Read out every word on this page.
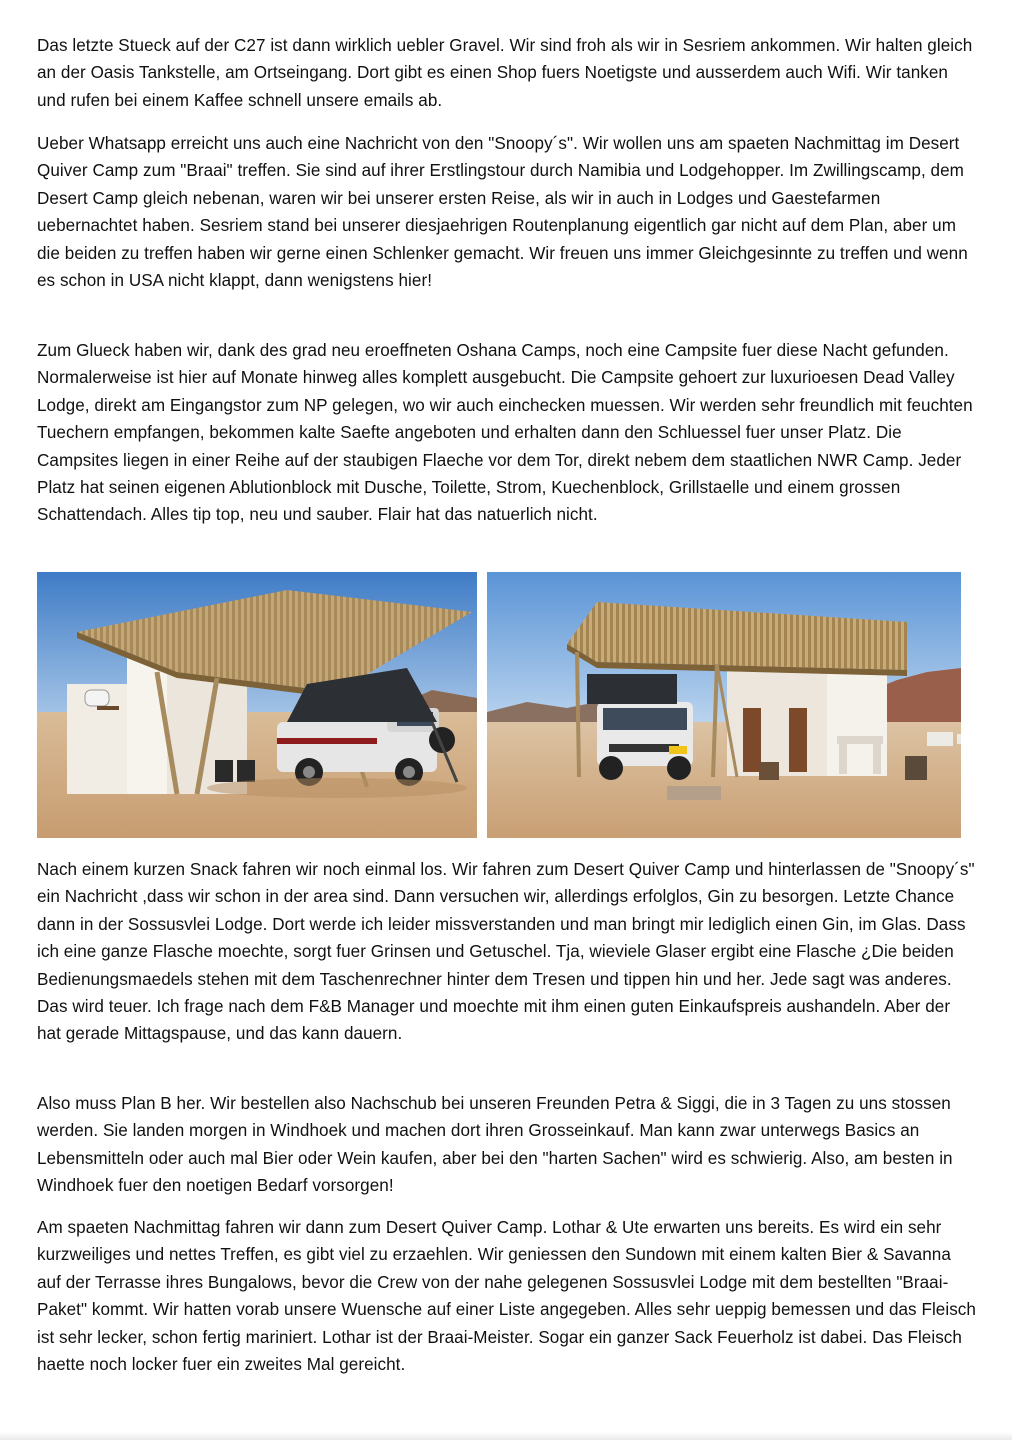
Das letzte Stueck auf der C27 ist dann wirklich uebler Gravel. Wir sind froh als wir in Sesriem ankommen. Wir halten gleich an der Oasis Tankstelle, am Ortseingang. Dort gibt es einen Shop fuers Noetigste und ausserdem auch Wifi. Wir tanken und rufen bei einem Kaffee schnell unsere emails ab.

Ueber Whatsapp erreicht uns auch eine Nachricht von den "Snoopy´s". Wir wollen uns am spaeten Nachmittag im Desert Quiver Camp zum "Braai" treffen. Sie sind auf ihrer Erstlingstour durch Namibia und Lodgehopper. Im Zwillingscamp, dem Desert Camp gleich nebenan, waren wir bei unserer ersten Reise, als wir in auch in Lodges und Gaestefarmen uebernachtet haben. Sesriem stand bei unserer diesjaehrigen Routenplanung eigentlich gar nicht auf dem Plan, aber um die beiden zu treffen haben wir gerne einen Schlenker gemacht. Wir freuen uns immer Gleichgesinnte zu treffen und wenn es schon in USA nicht klappt, dann wenigstens hier!

Zum Glueck haben wir, dank des grad neu eroeffneten Oshana Camps, noch eine Campsite fuer diese Nacht gefunden. Normalerweise ist hier auf Monate hinweg alles komplett ausgebucht. Die Campsite gehoert zur luxurioesen Dead Valley Lodge, direkt am Eingangstor zum NP gelegen, wo wir auch einchecken muessen. Wir werden sehr freundlich mit feuchten Tuechern empfangen, bekommen kalte Saefte angeboten und erhalten dann den Schluessel fuer unser Platz. Die Campsites liegen in einer Reihe auf der staubigen Flaeche vor dem Tor, direkt nebem dem staatlichen NWR Camp. Jeder Platz hat seinen eigenen Ablutionblock mit Dusche, Toilette, Strom, Kuechenblock, Grillstaelle und einem grossen Schattendach. Alles tip top, neu und sauber. Flair hat das natuerlich nicht.

Nach einem kurzen Snack fahren wir noch einmal los. Wir fahren zum Desert Quiver Camp und hinterlassen de "Snoopy´s" ein Nachricht ,dass wir schon in der area sind. Dann versuchen wir, allerdings erfolglos, Gin zu besorgen. Letzte Chance dann in der Sossusvlei Lodge. Dort werde ich leider missverstanden und man bringt mir lediglich einen Gin, im Glas. Dass ich eine ganze Flasche moechte, sorgt fuer Grinsen und Getuschel. Tja, wieviele Glaser ergibt eine Flasche ¿Die beiden Bedienungsmaedels stehen mit dem Taschenrechner hinter dem Tresen und tippen hin und her. Jede sagt was anderes. Das wird teuer. Ich frage nach dem F&B Manager und moechte mit ihm einen guten Einkaufspreis aushandeln. Aber der hat gerade Mittagspause, und das kann dauern.

Also muss Plan B her. Wir bestellen also Nachschub bei unseren Freunden Petra & Siggi, die in 3 Tagen zu uns stossen werden. Sie landen morgen in Windhoek und machen dort ihren Grosseinkauf. Man kann zwar unterwegs Basics an Lebensmitteln oder auch mal Bier oder Wein kaufen, aber bei den "harten Sachen" wird es schwierig. Also, am besten in Windhoek fuer den noetigen Bedarf vorsorgen!

Am spaeten Nachmittag fahren wir dann zum Desert Quiver Camp. Lothar & Ute erwarten uns bereits. Es wird ein sehr kurzweiliges und nettes Treffen, es gibt viel zu erzaehlen. Wir geniessen den Sundown mit einem kalten Bier & Savanna auf der Terrasse ihres Bungalows, bevor die Crew von der nahe gelegenen Sossusvlei Lodge mit dem bestellten "Braai-Paket" kommt. Wir hatten vorab unsere Wuensche auf einer Liste angegeben. Alles sehr ueppig bemessen und das Fleisch ist sehr lecker, schon fertig mariniert. Lothar ist der Braai-Meister. Sogar ein ganzer Sack Feuerholz ist dabei. Das Fleisch haette noch locker fuer ein zweites Mal gereicht.
